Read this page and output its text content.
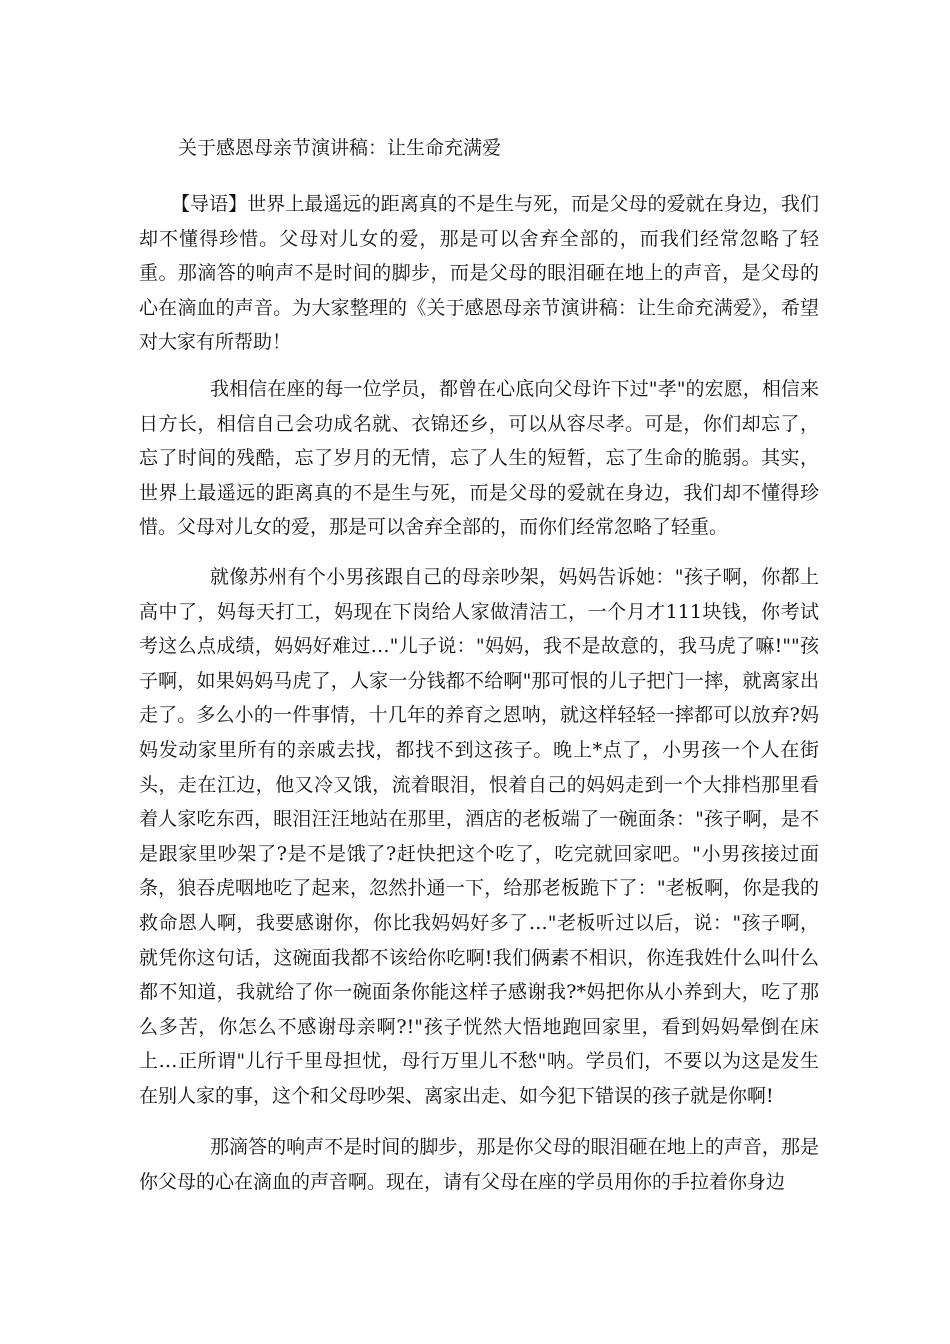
关于感恩母亲节演讲稿：让生命充满爱

【导语】世界上最遥远的距离真的不是生与死，而是父母的爱就在身边，我们却不懂得珍惜。父母对儿女的爱，那是可以舍弃全部的，而我们经常忽略了轻重。那滴答的响声不是时间的脚步，而是父母的眼泪砸在地上的声音，是父母的心在滴血的声音。为大家整理的《关于感恩母亲节演讲稿：让生命充满爱》，希望对大家有所帮助！

我相信在座的每一位学员，都曾在心底向父母许下过"孝"的宏愿，相信来日方长，相信自己会功成名就、衣锦还乡，可以从容尽孝。可是，你们却忘了，忘了时间的残酷，忘了岁月的无情，忘了人生的短暂，忘了生命的脆弱。其实，世界上最遥远的距离真的不是生与死，而是父母的爱就在身边，我们却不懂得珍惜。父母对儿女的爱，那是可以舍弃全部的，而你们经常忽略了轻重。

就像苏州有个小男孩跟自己的母亲吵架，妈妈告诉她："孩子啊，你都上高中了，妈每天打工，妈现在下岗给人家做清洁工，一个月才111块钱，你考试考这么点成绩，妈妈好难过…"儿子说："妈妈，我不是故意的，我马虎了嘛!""孩子啊，如果妈妈马虎了，人家一分钱都不给啊"那可恨的儿子把门一摔，就离家出走了。多么小的一件事情，十几年的养育之恩呐，就这样轻轻一摔都可以放弃?妈妈发动家里所有的亲戚去找，都找不到这孩子。晚上*点了，小男孩一个人在街头，走在江边，他又冷又饿，流着眼泪，恨着自己的妈妈走到一个大排档那里看着人家吃东西，眼泪汪汪地站在那里，酒店的老板端了一碗面条："孩子啊，是不是跟家里吵架了?是不是饿了?赶快把这个吃了，吃完就回家吧。"小男孩接过面条，狼吞虎咽地吃了起来，忽然扑通一下，给那老板跪下了："老板啊，你是我的救命恩人啊，我要感谢你，你比我妈妈好多了…"老板听过以后，说："孩子啊，就凭你这句话，这碗面我都不该给你吃啊!我们俩素不相识，你连我姓什么叫什么都不知道，我就给了你一碗面条你能这样子感谢我?*妈把你从小养到大，吃了那么多苦，你怎么不感谢母亲啊?!"孩子恍然大悟地跑回家里，看到妈妈晕倒在床上…正所谓"儿行千里母担忧，母行万里儿不愁"呐。学员们，不要以为这是发生在别人家的事，这个和父母吵架、离家出走、如今犯下错误的孩子就是你啊!

那滴答的响声不是时间的脚步，那是你父母的眼泪砸在地上的声音，那是你父母的心在滴血的声音啊。现在，请有父母在座的学员用你的手拉着你身边
